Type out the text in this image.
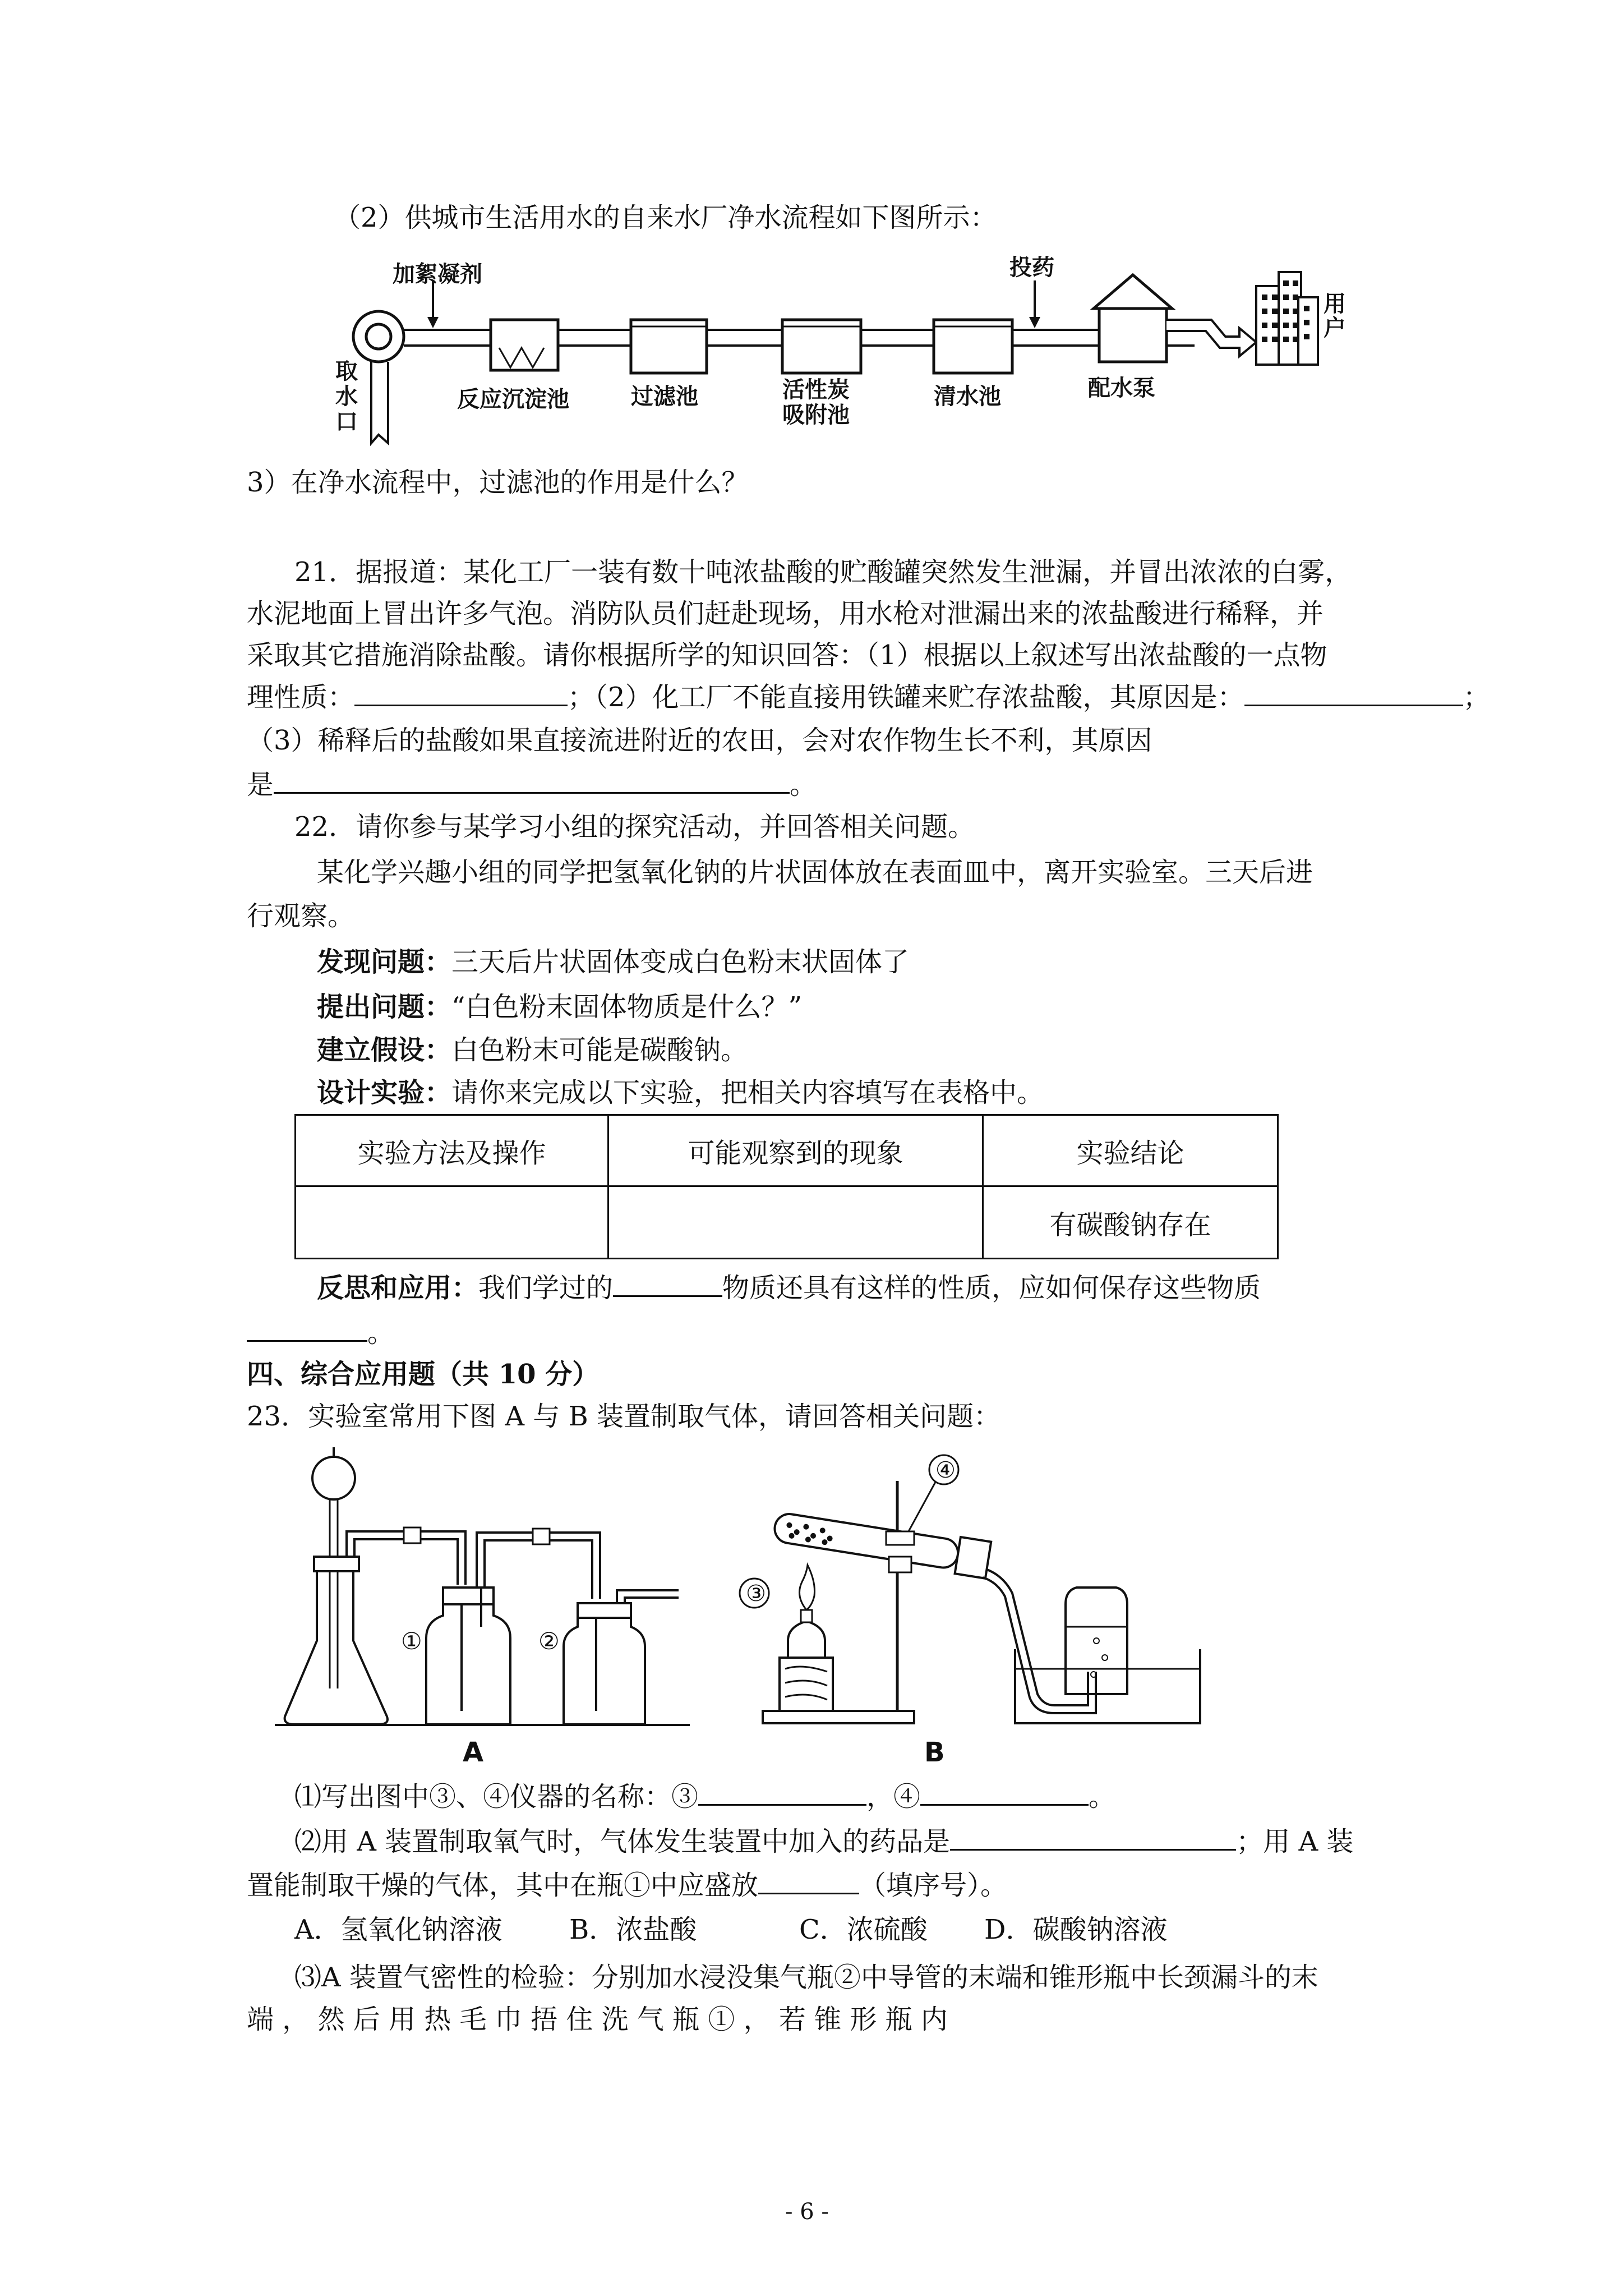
（2）供城市生活用水的自来水厂净水流程如下图所示：
加絮凝剂
取 水 口
反应沉淀池	过滤池	活性炭
吸附池
清水池
投药
配水泵
用 户
3）在净水流程中，过滤池的作用是什么？
21．据报道：某化工厂一装有数十吨浓盐酸的贮酸罐突然发生泄漏，并冒出浓浓的白雾，
水泥地面上冒出许多气泡。消防队员们赶赴现场，用水枪对泄漏出来的浓盐酸进行稀释，并
采取其它措施消除盐酸。请你根据所学的知识回答：（1）根据以上叙述写出浓盐酸的一点物
理性质：	；（2）化工厂不能直接用铁罐来贮存浓盐酸，其原因是：	；
（3）稀释后的盐酸如果直接流进附近的农田，会对农作物生长不利，其原因
是	。
22．请你参与某学习小组的探究活动，并回答相关问题。
某化学兴趣小组的同学把氢氧化钠的片状固体放在表面皿中，离开实验室。三天后进
行观察。
发现问题：三天后片状固体变成白色粉末状固体了
提出问题：“白色粉末固体物质是什么？”
建立假设：白色粉末可能是碳酸钠。
设计实验：请你来完成以下实验，把相关内容填写在表格中。
实验方法及操作	可能观察到的现象	实验结论
		有碳酸钠存在
反思和应用：我们学过的	物质还具有这样的性质，应如何保存这些物质
。
四、综合应用题（共 10 分）
23．实验室常用下图 A 与 B 装置制取气体，请回答相关问题：
①	②
A
④
③
B
⑴写出图中③、④仪器的名称：③	，④	。
⑵用 A 装置制取氧气时，气体发生装置中加入的药品是	；用 A 装
置能制取干燥的气体，其中在瓶①中应盛放	（填序号）。
A．氢氧化钠溶液 B．浓盐酸	C．浓硫酸 D．碳酸钠溶液
⑶A 装置气密性的检验：分别加水浸没集气瓶②中导管的末端和锥形瓶中长颈漏斗的末
端 ， 然 后 用 热 毛 巾 捂 住 洗 气 瓶 ① ， 若 锥 形 瓶 内
- 6 -
